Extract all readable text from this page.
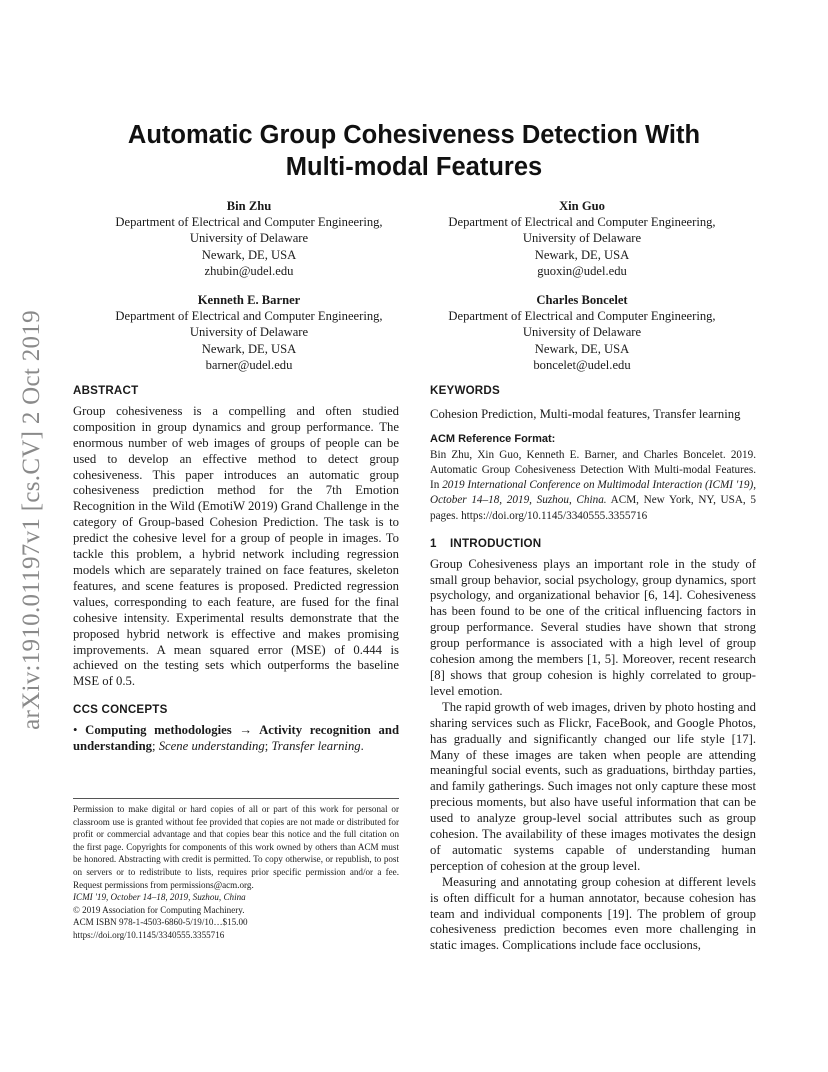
arXiv:1910.01197v1 [cs.CV] 2 Oct 2019
Automatic Group Cohesiveness Detection With
Multi-modal Features
Bin Zhu
Department of Electrical and Computer Engineering,
University of Delaware
Newark, DE, USA
zhubin@udel.edu
Xin Guo
Department of Electrical and Computer Engineering,
University of Delaware
Newark, DE, USA
guoxin@udel.edu
Kenneth E. Barner
Department of Electrical and Computer Engineering,
University of Delaware
Newark, DE, USA
barner@udel.edu
Charles Boncelet
Department of Electrical and Computer Engineering,
University of Delaware
Newark, DE, USA
boncelet@udel.edu
ABSTRACT

Group cohesiveness is a compelling and often studied composition in group dynamics and group performance. The enormous number of web images of groups of people can be used to develop an effective method to detect group cohesiveness. This paper introduces an automatic group cohesiveness prediction method for the 7th Emotion Recognition in the Wild (EmotiW 2019) Grand Challenge in the category of Group-based Cohesion Prediction. The task is to predict the cohesive level for a group of people in images. To tackle this problem, a hybrid network including regression models which are separately trained on face features, skeleton features, and scene features is proposed. Predicted regression values, corresponding to each feature, are fused for the final cohesive intensity. Experimental results demonstrate that the proposed hybrid network is effective and makes promising improvements. A mean squared error (MSE) of 0.444 is achieved on the testing sets which outperforms the baseline MSE of 0.5.

CCS CONCEPTS
• Computing methodologies → Activity recognition and understanding; Scene understanding; Transfer learning.
Permission to make digital or hard copies of all or part of this work for personal or classroom use is granted without fee provided that copies are not made or distributed for profit or commercial advantage and that copies bear this notice and the full citation on the first page. Copyrights for components of this work owned by others than ACM must be honored. Abstracting with credit is permitted. To copy otherwise, or republish, to post on servers or to redistribute to lists, requires prior specific permission and/or a fee. Request permissions from permissions@acm.org.
ICMI '19, October 14–18, 2019, Suzhou, China
© 2019 Association for Computing Machinery.
ACM ISBN 978-1-4503-6860-5/19/10…$15.00
https://doi.org/10.1145/3340555.3355716
KEYWORDS

Cohesion Prediction, Multi-modal features, Transfer learning

ACM Reference Format:

Bin Zhu, Xin Guo, Kenneth E. Barner, and Charles Boncelet. 2019. Automatic Group Cohesiveness Detection With Multi-modal Features. In 2019 International Conference on Multimodal Interaction (ICMI '19), October 14–18, 2019, Suzhou, China. ACM, New York, NY, USA, 5 pages. https://doi.org/10.1145/3340555.3355716

1 INTRODUCTION

Group Cohesiveness plays an important role in the study of small group behavior, social psychology, group dynamics, sport psychology, and organizational behavior [6, 14]. Cohesiveness has been found to be one of the critical influencing factors in group performance. Several studies have shown that strong group performance is associated with a high level of group cohesion among the members [1, 5]. Moreover, recent research [8] shows that group cohesion is highly correlated to group-level emotion.

The rapid growth of web images, driven by photo hosting and sharing services such as Flickr, FaceBook, and Google Photos, has gradually and significantly changed our life style [17]. Many of these images are taken when people are attending meaningful social events, such as graduations, birthday parties, and family gatherings. Such images not only capture these most precious moments, but also have useful information that can be used to analyze group-level social attributes such as group cohesion. The availability of these images motivates the design of automatic systems capable of understanding human perception of cohesion at the group level.

Measuring and annotating group cohesion at different levels is often difficult for a human annotator, because cohesion has team and individual components [19]. The problem of group cohesiveness prediction becomes even more challenging in static images. Complications include face occlusions,
